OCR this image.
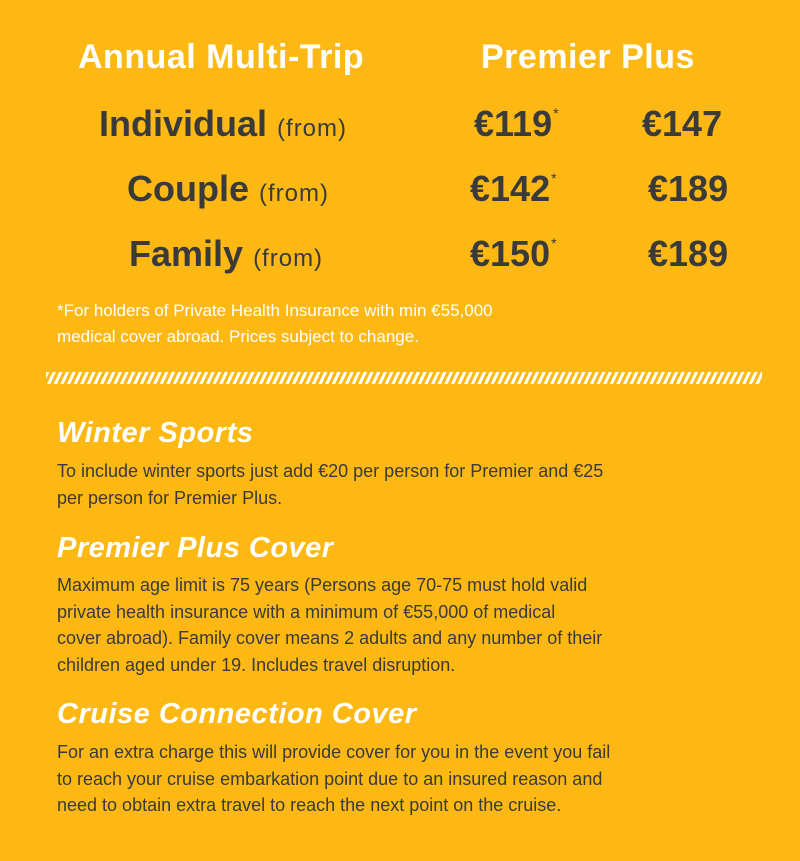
Annual Multi-Trip	Premier Plus
Individual (from)	€119* €147
Couple (from)	€142*	€189
Family (from)	€150*	€189
*For holders of Private Health Insurance with min €55,000
medical cover abroad. Prices subject to change.
Winter Sports
To include winter sports just add €20 per person for Premier and €25
per person for Premier Plus.
Premier Plus Cover
Maximum age limit is 75 years (Persons age 70-75 must hold valid
private health insurance with a minimum of €55,000 of medical
cover abroad). Family cover means 2 adults and any number of their
children aged under 19. Includes travel disruption.
Cruise Connection Cover
For an extra charge this will provide cover for you in the event you fail
to reach your cruise embarkation point due to an insured reason and
need to obtain extra travel to reach the next point on the cruise.
